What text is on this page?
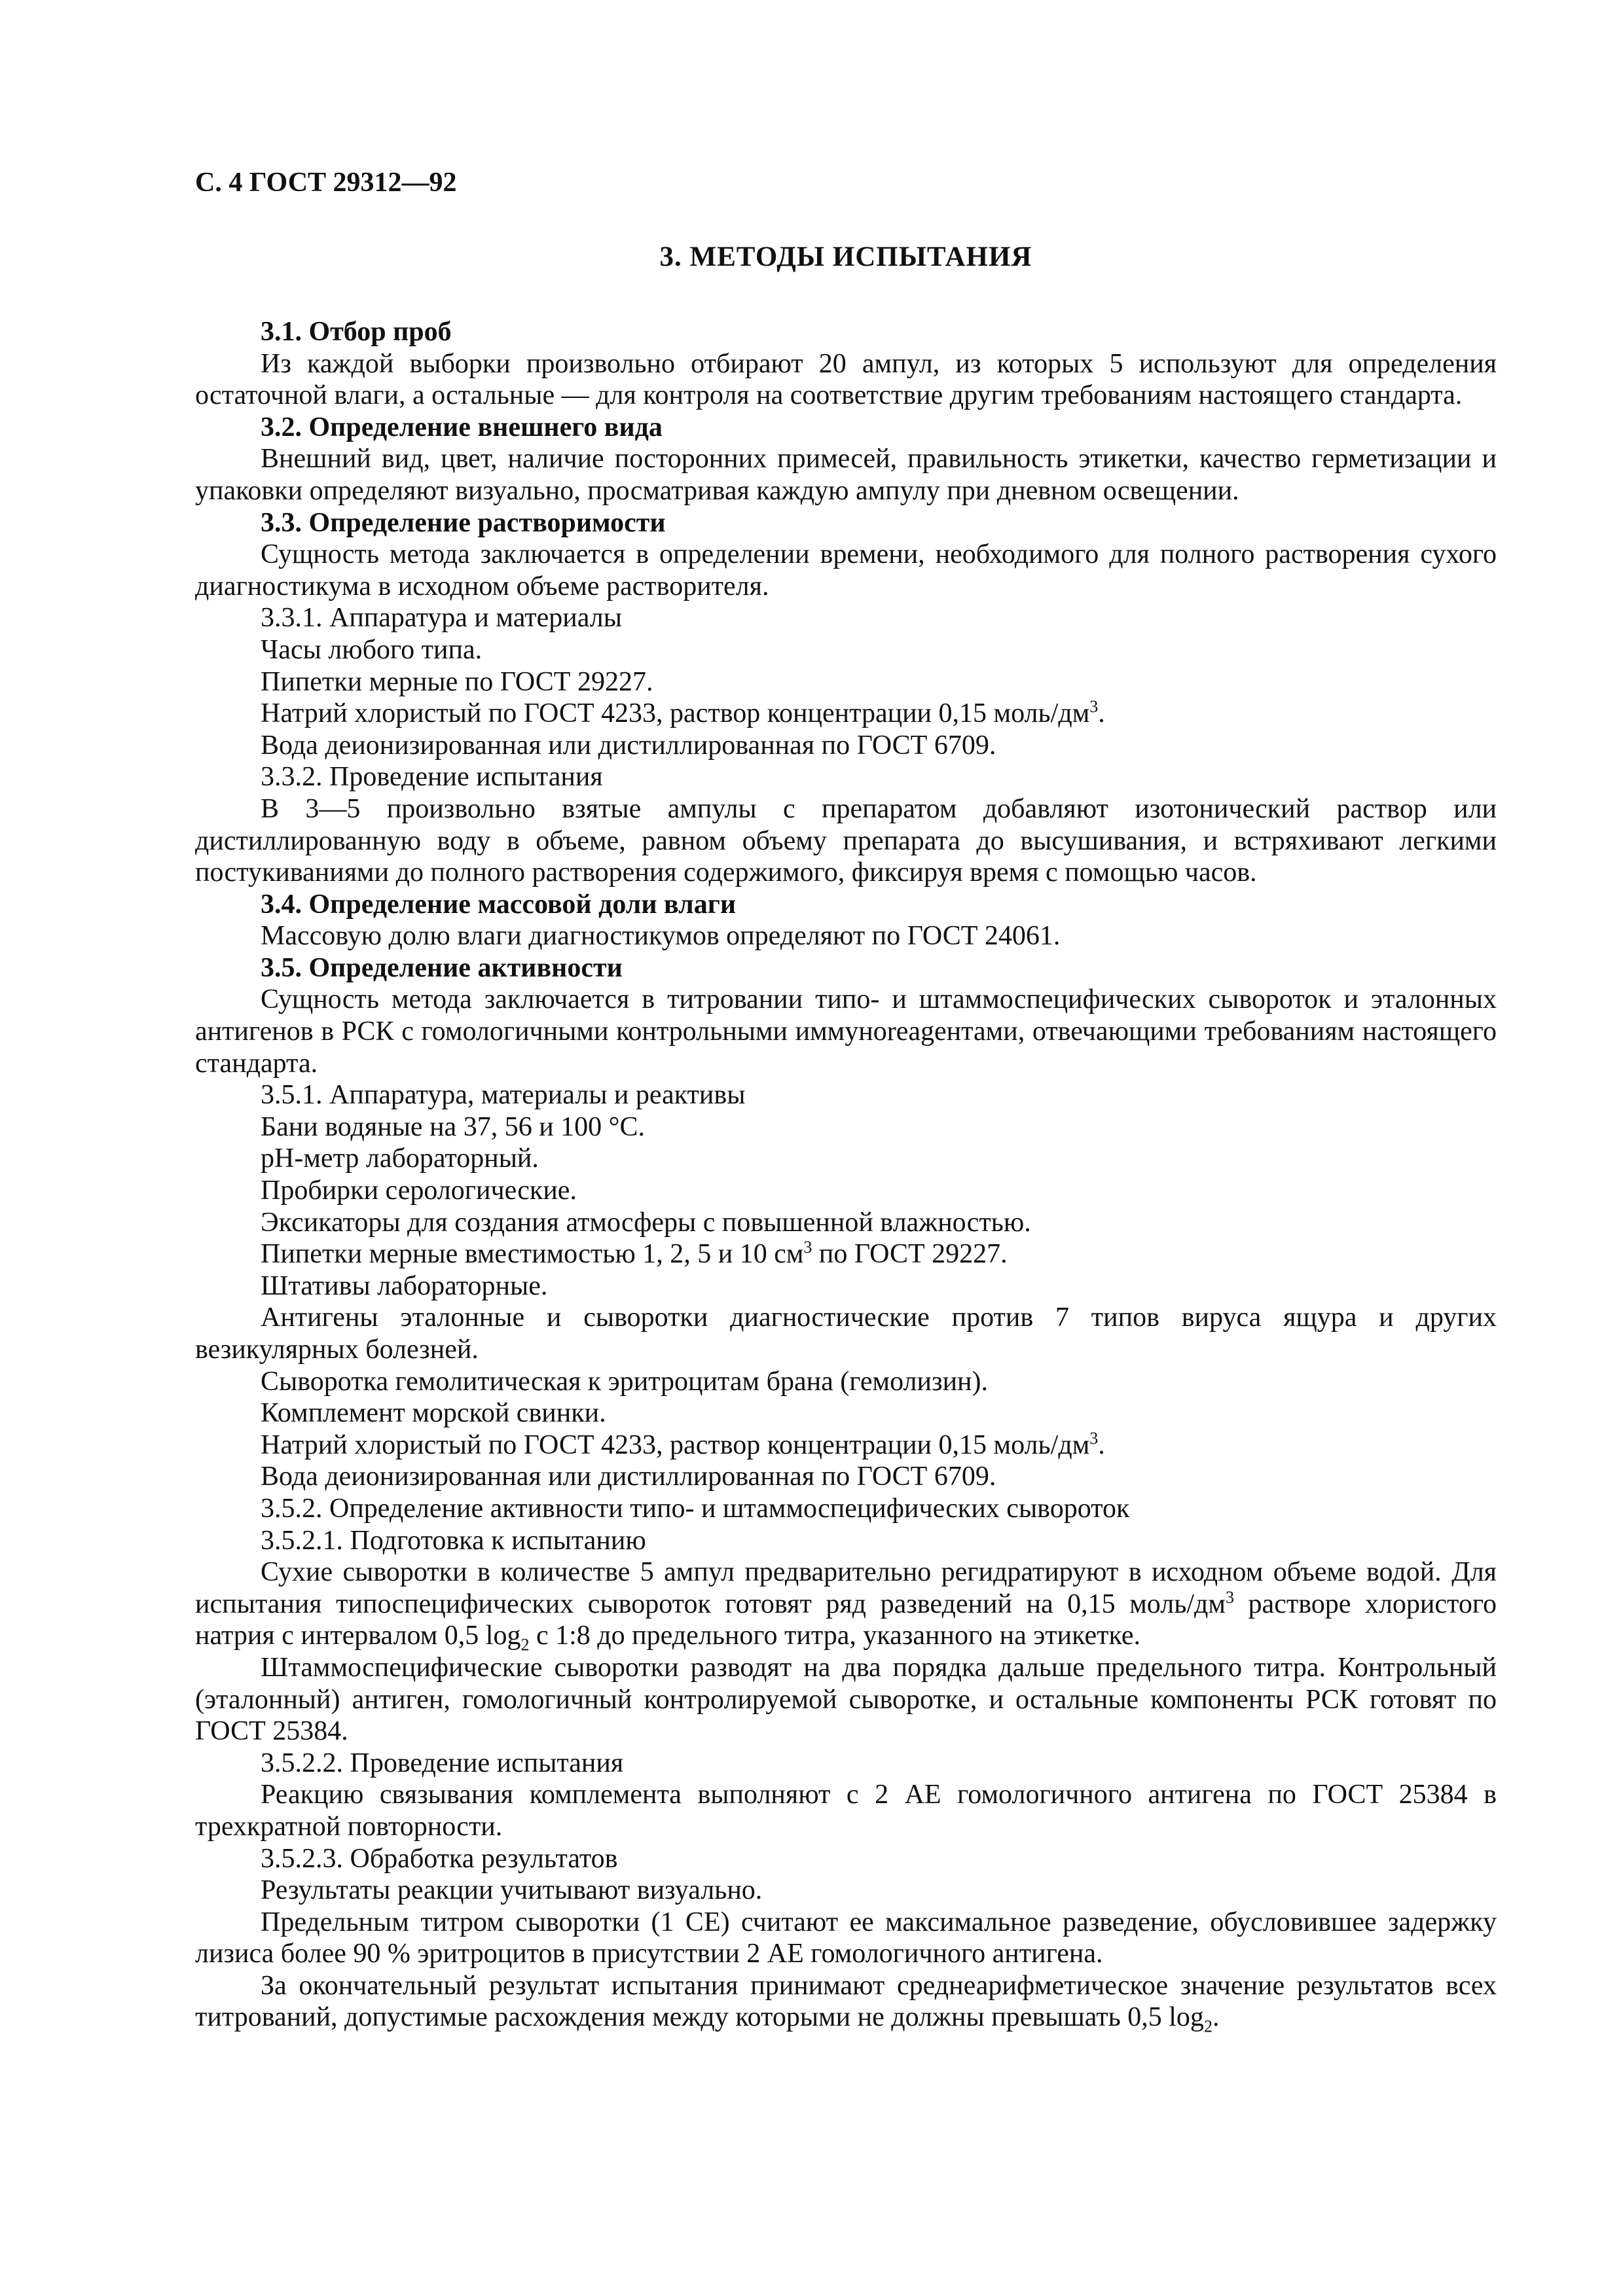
С. 4 ГОСТ 29312—92
3. МЕТОДЫ ИСПЫТАНИЯ

3.1. Отбор проб

Из каждой выборки произвольно отбирают 20 ампул, из которых 5 используют для определения остаточной влаги, а остальные — для контроля на соответствие другим требованиям настоящего стандарта.

3.2. Определение внешнего вида

Внешний вид, цвет, наличие посторонних примесей, правильность этикетки, качество герметизации и упаковки определяют визуально, просматривая каждую ампулу при дневном освещении.

3.3. Определение растворимости

Сущность метода заключается в определении времени, необходимого для полного растворения сухого диагностикума в исходном объеме растворителя.

3.3.1. Аппаратура и материалы

Часы любого типа.

Пипетки мерные по ГОСТ 29227.

Натрий хлористый по ГОСТ 4233, раствор концентрации 0,15 моль/$дм^3$.

Вода деионизированная или дистиллированная по ГОСТ 6709.

3.3.2. Проведение испытания

В 3—5 произвольно взятые ампулы с препаратом добавляют изотонический раствор или дистиллированную воду в объеме, равном объему препарата до высушивания, и встряхивают легкими постукиваниями до полного растворения содержимого, фиксируя время с помощью часов.

3.4. Определение массовой доли влаги

Массовую долю влаги диагностикумов определяют по ГОСТ 24061.

3.5. Определение активности

Сущность метода заключается в титровании типо- и штаммоспецифических сывороток и эталонных антигенов в РСК с гомологичными контрольными иммуноreagентами, отвечающими требованиям настоящего стандарта.

3.5.1. Аппаратура, материалы и реактивы

Бани водяные на 37, 56 и 100 °С.

pH-метр лабораторный.

Пробирки серологические.

Эксикаторы для создания атмосферы с повышенной влажностью.

Пипетки мерные вместимостью 1, 2, 5 и 10 $см^3$ по ГОСТ 29227.

Штативы лабораторные.

Антигены эталонные и сыворотки диагностические против 7 типов вируса ящура и других везикулярных болезней.

Сыворотка гемолитическая к эритроцитам брана (гемолизин).

Комплемент морской свинки.

Натрий хлористый по ГОСТ 4233, раствор концентрации 0,15 моль/$дм^3$.

Вода деионизированная или дистиллированная по ГОСТ 6709.

3.5.2. Определение активности типо- и штаммоспецифических сывороток

3.5.2.1. Подготовка к испытанию

Сухие сыворотки в количестве 5 ампул предварительно регидратируют в исходном объеме водой. Для испытания типоспецифических сывороток готовят ряд разведений на 0,15 моль/$дм^3$ растворе хлористого натрия с интервалом 0,5 $\log_2 с$ 1:8 до предельного титра, указанного на этикетке.

Штаммоспецифические сыворотки разводят на два порядка дальше предельного титра. Контрольный (эталонный) антиген, гомологичный контролируемой сыворотке, и остальные компоненты РСК готовят по ГОСТ 25384.

3.5.2.2. Проведение испытания

Реакцию связывания комплемента выполняют с 2 АЕ гомологичного антигена по ГОСТ 25384 в трехкратной повторности.

3.5.2.3. Обработка результатов

Результаты реакции учитывают визуально.

Предельным титром сыворотки (1 СЕ) считают ее максимальное разведение, обусловившее задержку лизиса более 90 % эритроцитов в присутствии 2 АЕ гомологичного антигена.

За окончательный результат испытания принимают среднеарифметическое значение результатов всех титрований, допустимые расхождения между которыми не должны превышать 0,5 $\log_2$.
